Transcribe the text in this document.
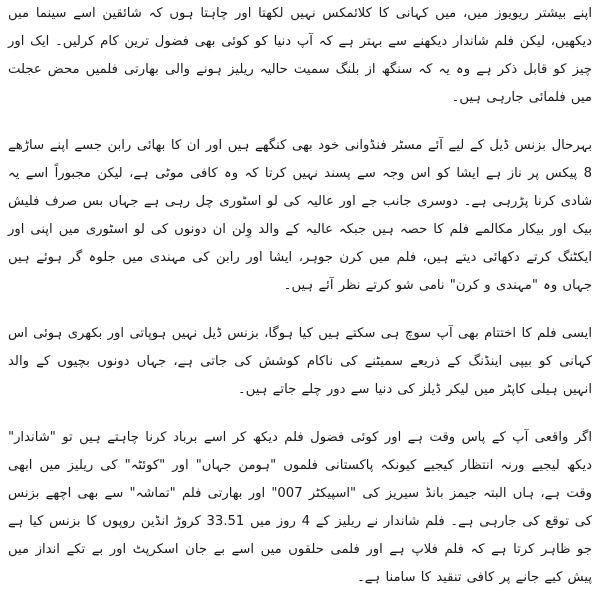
اپنے بیشتر ریویوز میں، میں کہانی کا کلائمکس نہیں لکھتا اور چاہتا ہوں کہ شائقین اسے سینما میں دیکھیں، لیکن فلم شاندار دیکھنے سے بہتر ہے کہ آپ دنیا کو کوئی بھی فضول ترین کام کرلیں۔ ایک اور چیز کو قابل ذکر ہے وہ یہ کہ سنگھ از بلنگ سمیت حالیہ ریلیز ہونے والی بھارتی فلمیں محض عجلت میں فلمائی جارہی ہیں۔

بہرحال بزنس ڈیل کے لیے آئے مسٹر فنڈوانی خود بھی کنگھے ہیں اور ان کا بھائی رابن جسے اپنے ساڑھے 8 پیکس پر ناز ہے ایشا کو اس وجہ سے پسند نہیں کرتا کہ وہ کافی موٹی ہے، لیکن مجبوراً اسے یہ شادی کرنا پڑرہی ہے۔ دوسری جانب جے اور عالیہ کی لو اسٹوری چل رہی ہے جہاں بس صرف فلیش بیک اور بیکار مکالمے فلم کا حصہ ہیں جبکہ عالیہ کے والد وِلن ان دونوں کی لو اسٹوری میں اپنی اور ایکٹنگ کرتے دکھائی دیتے ہیں، فلم میں کرن جوہر، ایشا اور رابن کی مہندی میں جلوہ گر ہوئے ہیں جہاں وہ "مہندی و کرن" نامی شو کرتے نظر آئے ہیں۔

ایسی فلم کا اختتام بھی آپ سوچ ہی سکتے ہیں کیا ہوگا، بزنس ڈیل نہیں ہوپاتی اور بکھری ہوئی اس کہانی کو بیپی اینڈنگ کے ذریعے سمیٹنے کی ناکام کوشش کی جاتی ہے، جہاں دونوں بچیوں کے والد انہیں ہیلی کاپٹر میں لیکر ڈیلز کی دنیا سے دور چلے جاتے ہیں۔

اگر واقعی آپ کے پاس وقت ہے اور کوئی فضول فلم دیکھ کر اسے برباد کرنا چاہتے ہیں تو "شاندار" دیکھ لیجیے ورنہ انتظار کیجیے کیونکہ پاکستانی فلموں "ہومن جہاں" اور "کوئٹہ" کی ریلیز میں ابھی وقت ہے، ہاں البتہ جیمز بانڈ سیریز کی "اسپیکٹر 007" اور بھارتی فلم "تماشہ" سے بھی اچھے بزنس کی توقع کی جارہی ہے۔ فلم شاندار نے ریلیز کے 4 روز میں 33.51 کروڑ انڈین روپوں کا بزنس کیا ہے جو ظاہر کرتا ہے کہ فلم فلاپ ہے اور فلمی حلقوں میں اسے بے جان اسکرپٹ اور بے تکے انداز میں پیش کیے جانے پر کافی تنقید کا سامنا ہے۔
